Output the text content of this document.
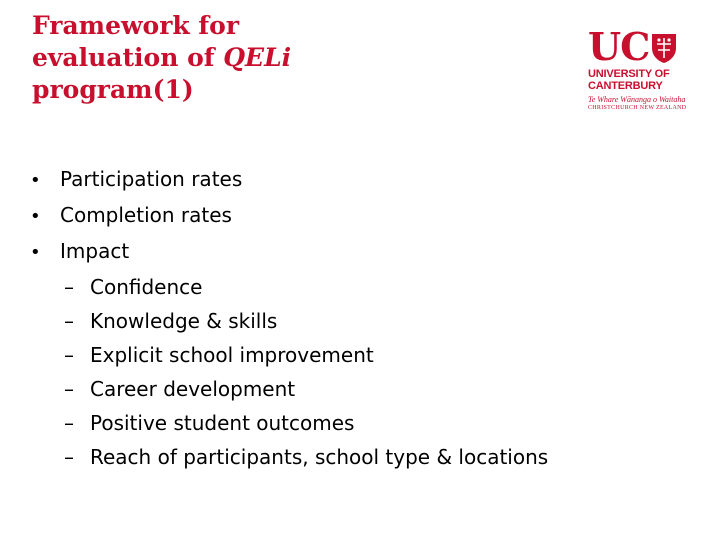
Framework for
evaluation of QELi
program(1)
UC
UNIVERSITY OF
CANTERBURY
Te Whare Wānanga o Waitaha
CHRISTCHURCH NEW ZEALAND
• Participation rates
• Completion rates
• Impact
– Confidence
– Knowledge & skills
– Explicit school improvement
– Career development
– Positive student outcomes
– Reach of participants, school type & locations
